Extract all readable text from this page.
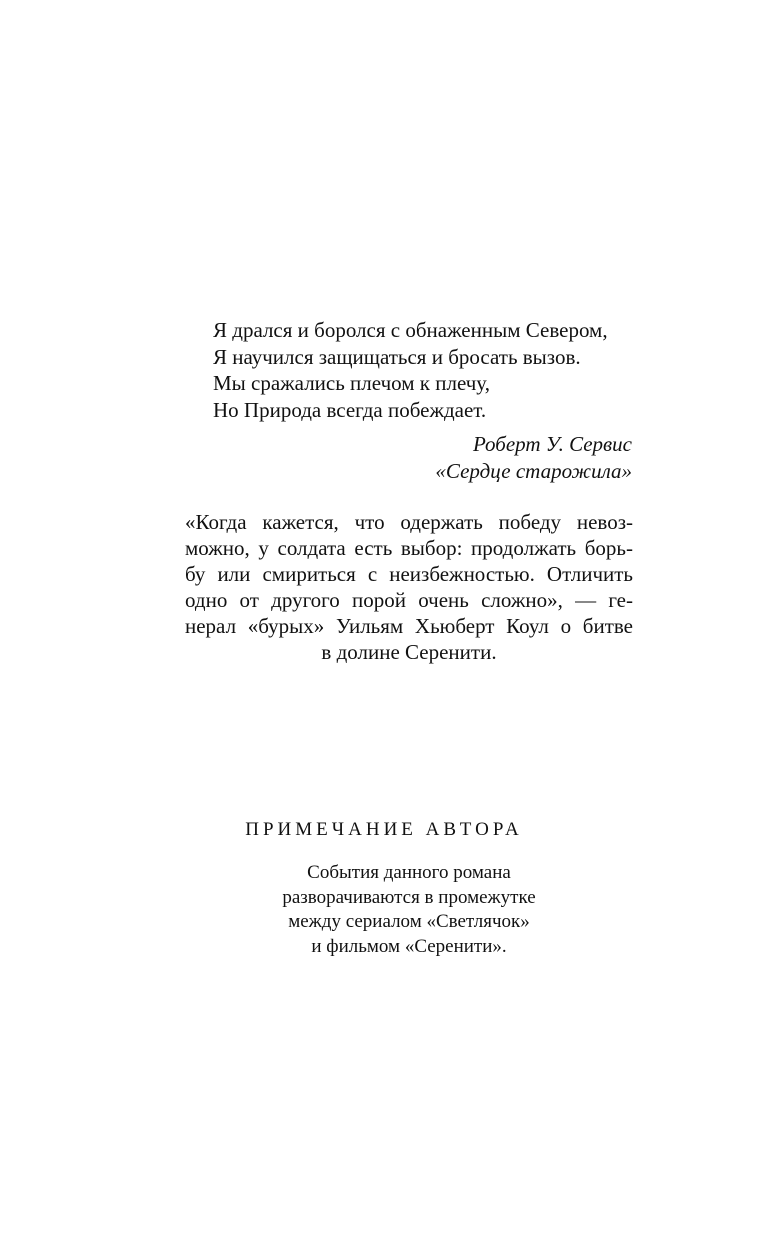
Я дрался и боролся с обнаженным Севером,
Я научился защищаться и бросать вызов.
Мы сражались плечом к плечу,
Но Природа всегда побеждает.
Роберт У. Сервис
«Сердце старожила»
«Когда кажется, что одержать победу невоз-
можно, у солдата есть выбор: продолжать борь-
бу или смириться с неизбежностью. Отличить
одно от другого порой очень сложно», — ге-
нерал «бурых» Уильям Хьюберт Коул о битве
в долине Серенити.
ПРИМЕЧАНИЕ АВТОРА
События данного романа
разворачиваются в промежутке
между сериалом «Светлячок»
и фильмом «Серенити».
